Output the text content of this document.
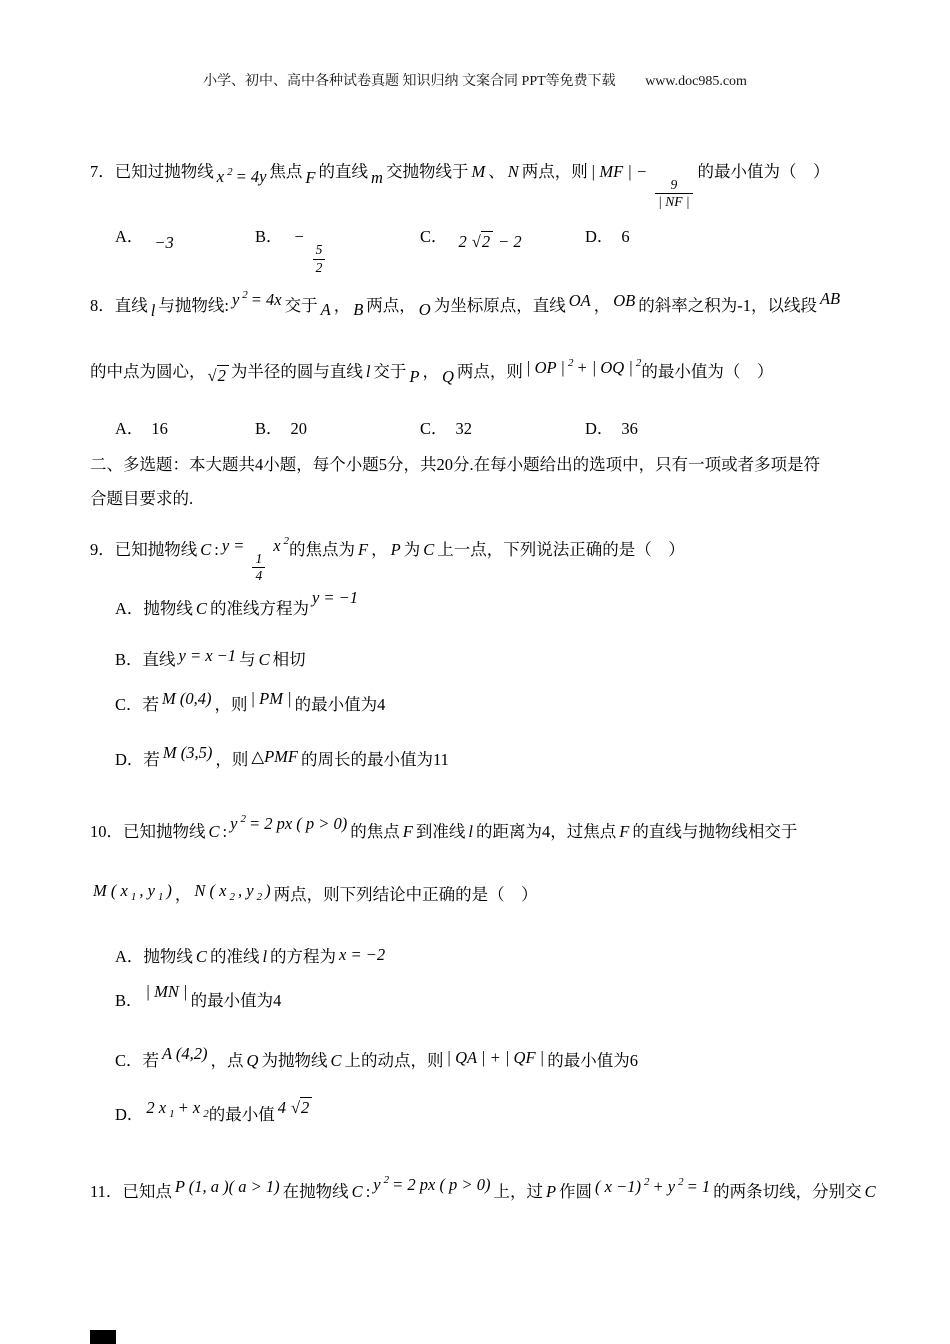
小学、初中、高中各种试卷真题 知识归纳 文案合同 PPT等免费下载 www.doc985.com
7．已知过抛物线 x 2 = 4y 焦点 F 的直线 m 交抛物线于 M 、 N 两点，则 | MF | −
$\frac{9}{| NF |}$
的最小值为（　）
A． −3	B． −
$\frac{5}{2}$
C． 2 √2 − 2	D． 6
8．直线 l 与抛物线: y 2 = 4x 交于 A ， B 两点， O 为坐标原点，直线 OA ， OB 的斜率之积为-1，以线段 AB
的中点为圆心， √2 为半径的圆与直线 l 交于 P ， Q 两点，则 | OP | 2 + | OQ | 2的最小值为（　）
A． 16	B． 20	C． 32	D． 36
二、多选题：本大题共4小题，每个小题5分，共20分.在每小题给出的选项中，只有一项或者多项是符
合题目要求的.
9．已知抛物线 C : y =
$\frac{1}{4}$
x 2的焦点为 F ， P 为 C 上一点，下列说法正确的是（　）
A．抛物线 C 的准线方程为y = −1
B．直线 y = x −1 与 C 相切
C．若 M (0,4) ，则 | PM | 的最小值为4
D．若 M (3,5) ，则 △PMF 的周长的最小值为11
10．已知抛物线 C : y 2 = 2 px ( p > 0) 的焦点 F 到准线 l 的距离为4，过焦点 F 的直线与抛物线相交于
M ( x 1 , y 1 ) ， N ( x 2 , y 2 ) 两点，则下列结论中正确的是（　）
A．抛物线 C 的准线 l 的方程为 x = −2
B． | MN | 的最小值为4
C．若 A (4,2) ，点 Q 为抛物线 C 上的动点，则 | QA | + | QF | 的最小值为6
D． 2 x 1 + x 2的最小值 4 √2
11．已知点 P (1, a )( a > 1) 在抛物线 C : y 2 = 2 px ( p > 0) 上，过 P 作圆 ( x −1) 2 + y 2 = 1 的两条切线，分别交 C
